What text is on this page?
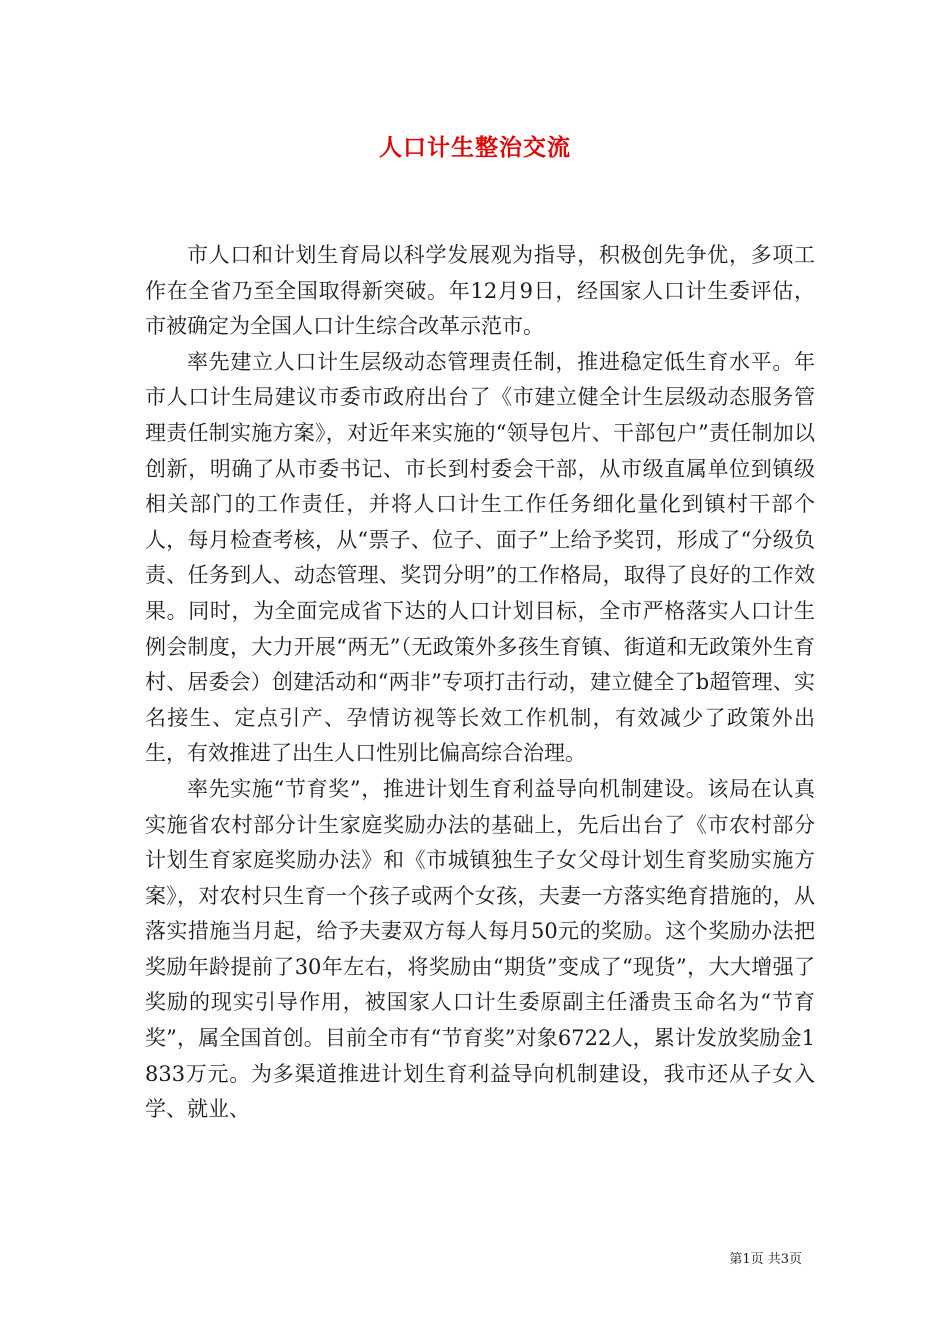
人口计生整治交流

市人口和计划生育局以科学发展观为指导，积极创先争优，多项工作在全省乃至全国取得新突破。年12月9日，经国家人口计生委评估，市被确定为全国人口计生综合改革示范市。

率先建立人口计生层级动态管理责任制，推进稳定低生育水平。年市人口计生局建议市委市政府出台了《市建立健全计生层级动态服务管理责任制实施方案》，对近年来实施的“领导包片、干部包户”责任制加以创新，明确了从市委书记、市长到村委会干部，从市级直属单位到镇级相关部门的工作责任，并将人口计生工作任务细化量化到镇村干部个人，每月检查考核，从“票子、位子、面子”上给予奖罚，形成了“分级负责、任务到人、动态管理、奖罚分明”的工作格局，取得了良好的工作效果。同时，为全面完成省下达的人口计划目标，全市严格落实人口计生例会制度，大力开展“两无”（无政策外多孩生育镇、街道和无政策外生育村、居委会）创建活动和“两非”专项打击行动，建立健全了b超管理、实名接生、定点引产、孕情访视等长效工作机制，有效减少了政策外出生，有效推进了出生人口性别比偏高综合治理。

率先实施“节育奖”，推进计划生育利益导向机制建设。该局在认真实施省农村部分计生家庭奖励办法的基础上，先后出台了《市农村部分计划生育家庭奖励办法》和《市城镇独生子女父母计划生育奖励实施方案》，对农村只生育一个孩子或两个女孩，夫妻一方落实绝育措施的，从落实措施当月起，给予夫妻双方每人每月50元的奖励。这个奖励办法把奖励年龄提前了30年左右，将奖励由“期货”变成了“现货”，大大增强了奖励的现实引导作用，被国家人口计生委原副主任潘贵玉命名为“节育奖”，属全国首创。目前全市有“节育奖”对象6722人，累计发放奖励金1833万元。为多渠道推进计划生育利益导向机制建设，我市还从子女入学、就业、

第1页 共3页
